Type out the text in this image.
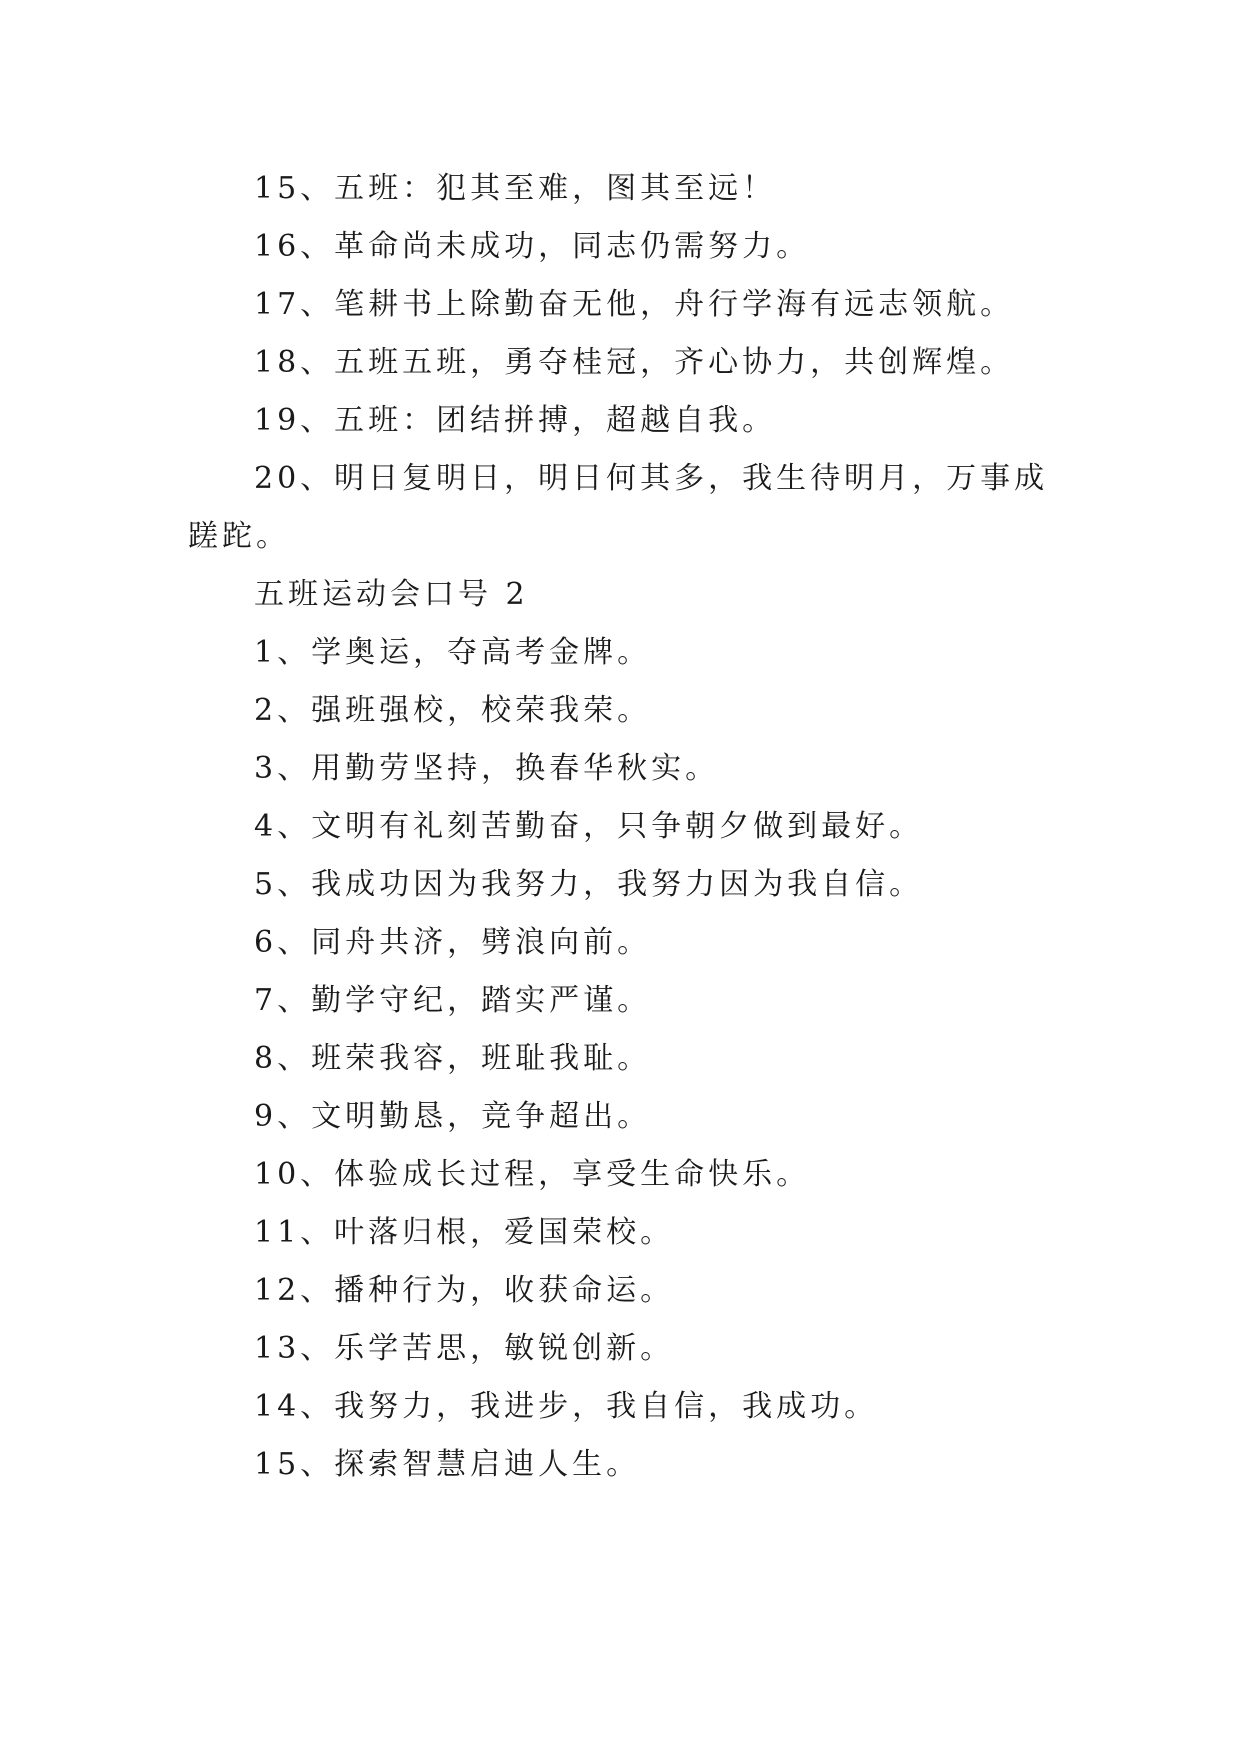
15、五班：犯其至难，图其至远！

16、革命尚未成功，同志仍需努力。

17、笔耕书上除勤奋无他，舟行学海有远志领航。

18、五班五班，勇夺桂冠，齐心协力，共创辉煌。

19、五班：团结拼搏，超越自我。

20、明日复明日，明日何其多，我生待明月，万事成蹉跎。

五班运动会口号 2

1、学奥运，夺高考金牌。

2、强班强校，校荣我荣。

3、用勤劳坚持，换春华秋实。

4、文明有礼刻苦勤奋，只争朝夕做到最好。

5、我成功因为我努力，我努力因为我自信。

6、同舟共济，劈浪向前。

7、勤学守纪，踏实严谨。

8、班荣我容，班耻我耻。

9、文明勤恳，竞争超出。

10、体验成长过程，享受生命快乐。

11、叶落归根，爱国荣校。

12、播种行为，收获命运。

13、乐学苦思，敏锐创新。

14、我努力，我进步，我自信，我成功。

15、探索智慧启迪人生。
